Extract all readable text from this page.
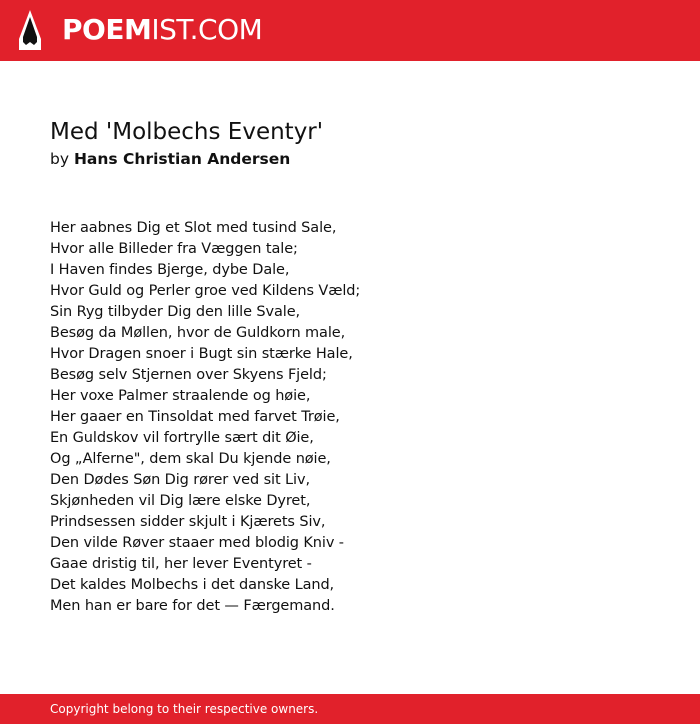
POEMIST.COM
Med 'Molbechs Eventyr'
by Hans Christian Andersen
Her aabnes Dig et Slot med tusind Sale,
Hvor alle Billeder fra Væggen tale;
I Haven findes Bjerge, dybe Dale,
Hvor Guld og Perler groe ved Kildens Væld;
Sin Ryg tilbyder Dig den lille Svale,
Besøg da Møllen, hvor de Guldkorn male,
Hvor Dragen snoer i Bugt sin stærke Hale,
Besøg selv Stjernen over Skyens Fjeld;
Her voxe Palmer straalende og høie,
Her gaaer en Tinsoldat med farvet Trøie,
En Guldskov vil fortrylle sært dit Øie,
Og „Alferne", dem skal Du kjende nøie,
Den Dødes Søn Dig rører ved sit Liv,
Skjønheden vil Dig lære elske Dyret,
Prindsessen sidder skjult i Kjærets Siv,
Den vilde Røver staaer med blodig Kniv -
Gaae dristig til, her lever Eventyret -
Det kaldes Molbechs i det danske Land,
Men han er bare for det — Færgemand.
Copyright belong to their respective owners.
